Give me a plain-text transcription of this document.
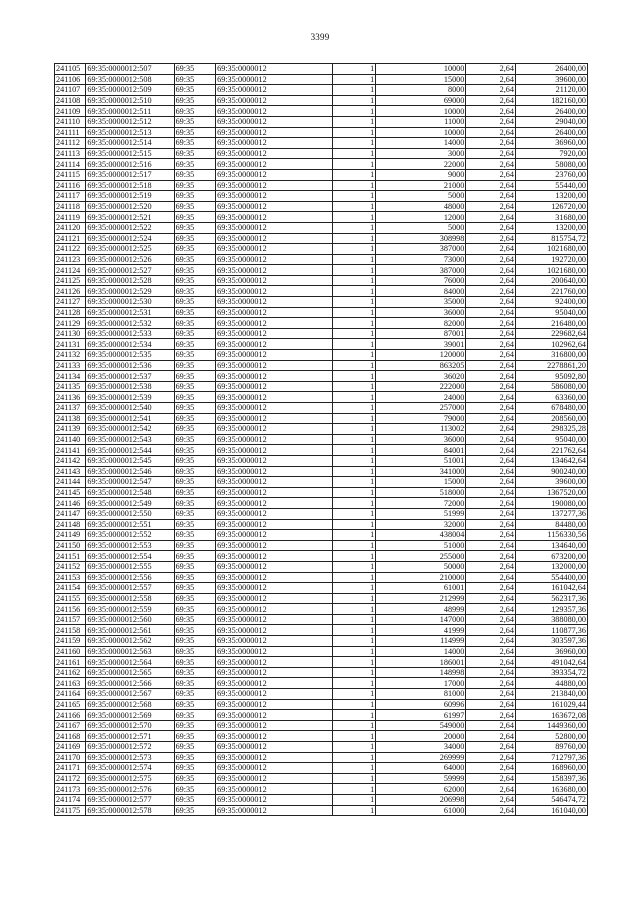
3399
241105	69:35:0000012:507	69:35	69:35:0000012	1	10000	2,64	26400,00
241106	69:35:0000012:508	69:35	69:35:0000012	1	15000	2,64	39600,00
241107	69:35:0000012:509	69:35	69:35:0000012	1	8000	2,64	21120,00
241108	69:35:0000012:510	69:35	69:35:0000012	1	69000	2,64	182160,00
241109	69:35:0000012:511	69:35	69:35:0000012	1	10000	2,64	26400,00
241110	69:35:0000012:512	69:35	69:35:0000012	1	11000	2,64	29040,00
241111	69:35:0000012:513	69:35	69:35:0000012	1	10000	2,64	26400,00
241112	69:35:0000012:514	69:35	69:35:0000012	1	14000	2,64	36960,00
241113	69:35:0000012:515	69:35	69:35:0000012	1	3000	2,64	7920,00
241114	69:35:0000012:516	69:35	69:35:0000012	1	22000	2,64	58080,00
241115	69:35:0000012:517	69:35	69:35:0000012	1	9000	2,64	23760,00
241116	69:35:0000012:518	69:35	69:35:0000012	1	21000	2,64	55440,00
241117	69:35:0000012:519	69:35	69:35:0000012	1	5000	2,64	13200,00
241118	69:35:0000012:520	69:35	69:35:0000012	1	48000	2,64	126720,00
241119	69:35:0000012:521	69:35	69:35:0000012	1	12000	2,64	31680,00
241120	69:35:0000012:522	69:35	69:35:0000012	1	5000	2,64	13200,00
241121	69:35:0000012:524	69:35	69:35:0000012	1	308998	2,64	815754,72
241122	69:35:0000012:525	69:35	69:35:0000012	1	387000	2,64	1021680,00
241123	69:35:0000012:526	69:35	69:35:0000012	1	73000	2,64	192720,00
241124	69:35:0000012:527	69:35	69:35:0000012	1	387000	2,64	1021680,00
241125	69:35:0000012:528	69:35	69:35:0000012	1	76000	2,64	200640,00
241126	69:35:0000012:529	69:35	69:35:0000012	1	84000	2,64	221760,00
241127	69:35:0000012:530	69:35	69:35:0000012	1	35000	2,64	92400,00
241128	69:35:0000012:531	69:35	69:35:0000012	1	36000	2,64	95040,00
241129	69:35:0000012:532	69:35	69:35:0000012	1	82000	2,64	216480,00
241130	69:35:0000012:533	69:35	69:35:0000012	1	87001	2,64	229682,64
241131	69:35:0000012:534	69:35	69:35:0000012	1	39001	2,64	102962,64
241132	69:35:0000012:535	69:35	69:35:0000012	1	120000	2,64	316800,00
241133	69:35:0000012:536	69:35	69:35:0000012	1	863205	2,64	2278861,20
241134	69:35:0000012:537	69:35	69:35:0000012	1	36020	2,64	95092,80
241135	69:35:0000012:538	69:35	69:35:0000012	1	222000	2,64	586080,00
241136	69:35:0000012:539	69:35	69:35:0000012	1	24000	2,64	63360,00
241137	69:35:0000012:540	69:35	69:35:0000012	1	257000	2,64	678480,00
241138	69:35:0000012:541	69:35	69:35:0000012	1	79000	2,64	208560,00
241139	69:35:0000012:542	69:35	69:35:0000012	1	113002	2,64	298325,28
241140	69:35:0000012:543	69:35	69:35:0000012	1	36000	2,64	95040,00
241141	69:35:0000012:544	69:35	69:35:0000012	1	84001	2,64	221762,64
241142	69:35:0000012:545	69:35	69:35:0000012	1	51001	2,64	134642,64
241143	69:35:0000012:546	69:35	69:35:0000012	1	341000	2,64	900240,00
241144	69:35:0000012:547	69:35	69:35:0000012	1	15000	2,64	39600,00
241145	69:35:0000012:548	69:35	69:35:0000012	1	518000	2,64	1367520,00
241146	69:35:0000012:549	69:35	69:35:0000012	1	72000	2,64	190080,00
241147	69:35:0000012:550	69:35	69:35:0000012	1	51999	2,64	137277,36
241148	69:35:0000012:551	69:35	69:35:0000012	1	32000	2,64	84480,00
241149	69:35:0000012:552	69:35	69:35:0000012	1	438004	2,64	1156330,56
241150	69:35:0000012:553	69:35	69:35:0000012	1	51000	2,64	134640,00
241151	69:35:0000012:554	69:35	69:35:0000012	1	255000	2,64	673200,00
241152	69:35:0000012:555	69:35	69:35:0000012	1	50000	2,64	132000,00
241153	69:35:0000012:556	69:35	69:35:0000012	1	210000	2,64	554400,00
241154	69:35:0000012:557	69:35	69:35:0000012	1	61001	2,64	161042,64
241155	69:35:0000012:558	69:35	69:35:0000012	1	212999	2,64	562317,36
241156	69:35:0000012:559	69:35	69:35:0000012	1	48999	2,64	129357,36
241157	69:35:0000012:560	69:35	69:35:0000012	1	147000	2,64	388080,00
241158	69:35:0000012:561	69:35	69:35:0000012	1	41999	2,64	110877,36
241159	69:35:0000012:562	69:35	69:35:0000012	1	114999	2,64	303597,36
241160	69:35:0000012:563	69:35	69:35:0000012	1	14000	2,64	36960,00
241161	69:35:0000012:564	69:35	69:35:0000012	1	186001	2,64	491042,64
241162	69:35:0000012:565	69:35	69:35:0000012	1	148998	2,64	393354,72
241163	69:35:0000012:566	69:35	69:35:0000012	1	17000	2,64	44880,00
241164	69:35:0000012:567	69:35	69:35:0000012	1	81000	2,64	213840,00
241165	69:35:0000012:568	69:35	69:35:0000012	1	60996	2,64	161029,44
241166	69:35:0000012:569	69:35	69:35:0000012	1	61997	2,64	163672,08
241167	69:35:0000012:570	69:35	69:35:0000012	1	549000	2,64	1449360,00
241168	69:35:0000012:571	69:35	69:35:0000012	1	20000	2,64	52800,00
241169	69:35:0000012:572	69:35	69:35:0000012	1	34000	2,64	89760,00
241170	69:35:0000012:573	69:35	69:35:0000012	1	269999	2,64	712797,36
241171	69:35:0000012:574	69:35	69:35:0000012	1	64000	2,64	168960,00
241172	69:35:0000012:575	69:35	69:35:0000012	1	59999	2,64	158397,36
241173	69:35:0000012:576	69:35	69:35:0000012	1	62000	2,64	163680,00
241174	69:35:0000012:577	69:35	69:35:0000012	1	206998	2,64	546474,72
241175	69:35:0000012:578	69:35	69:35:0000012	1	61000	2,64	161040,00
